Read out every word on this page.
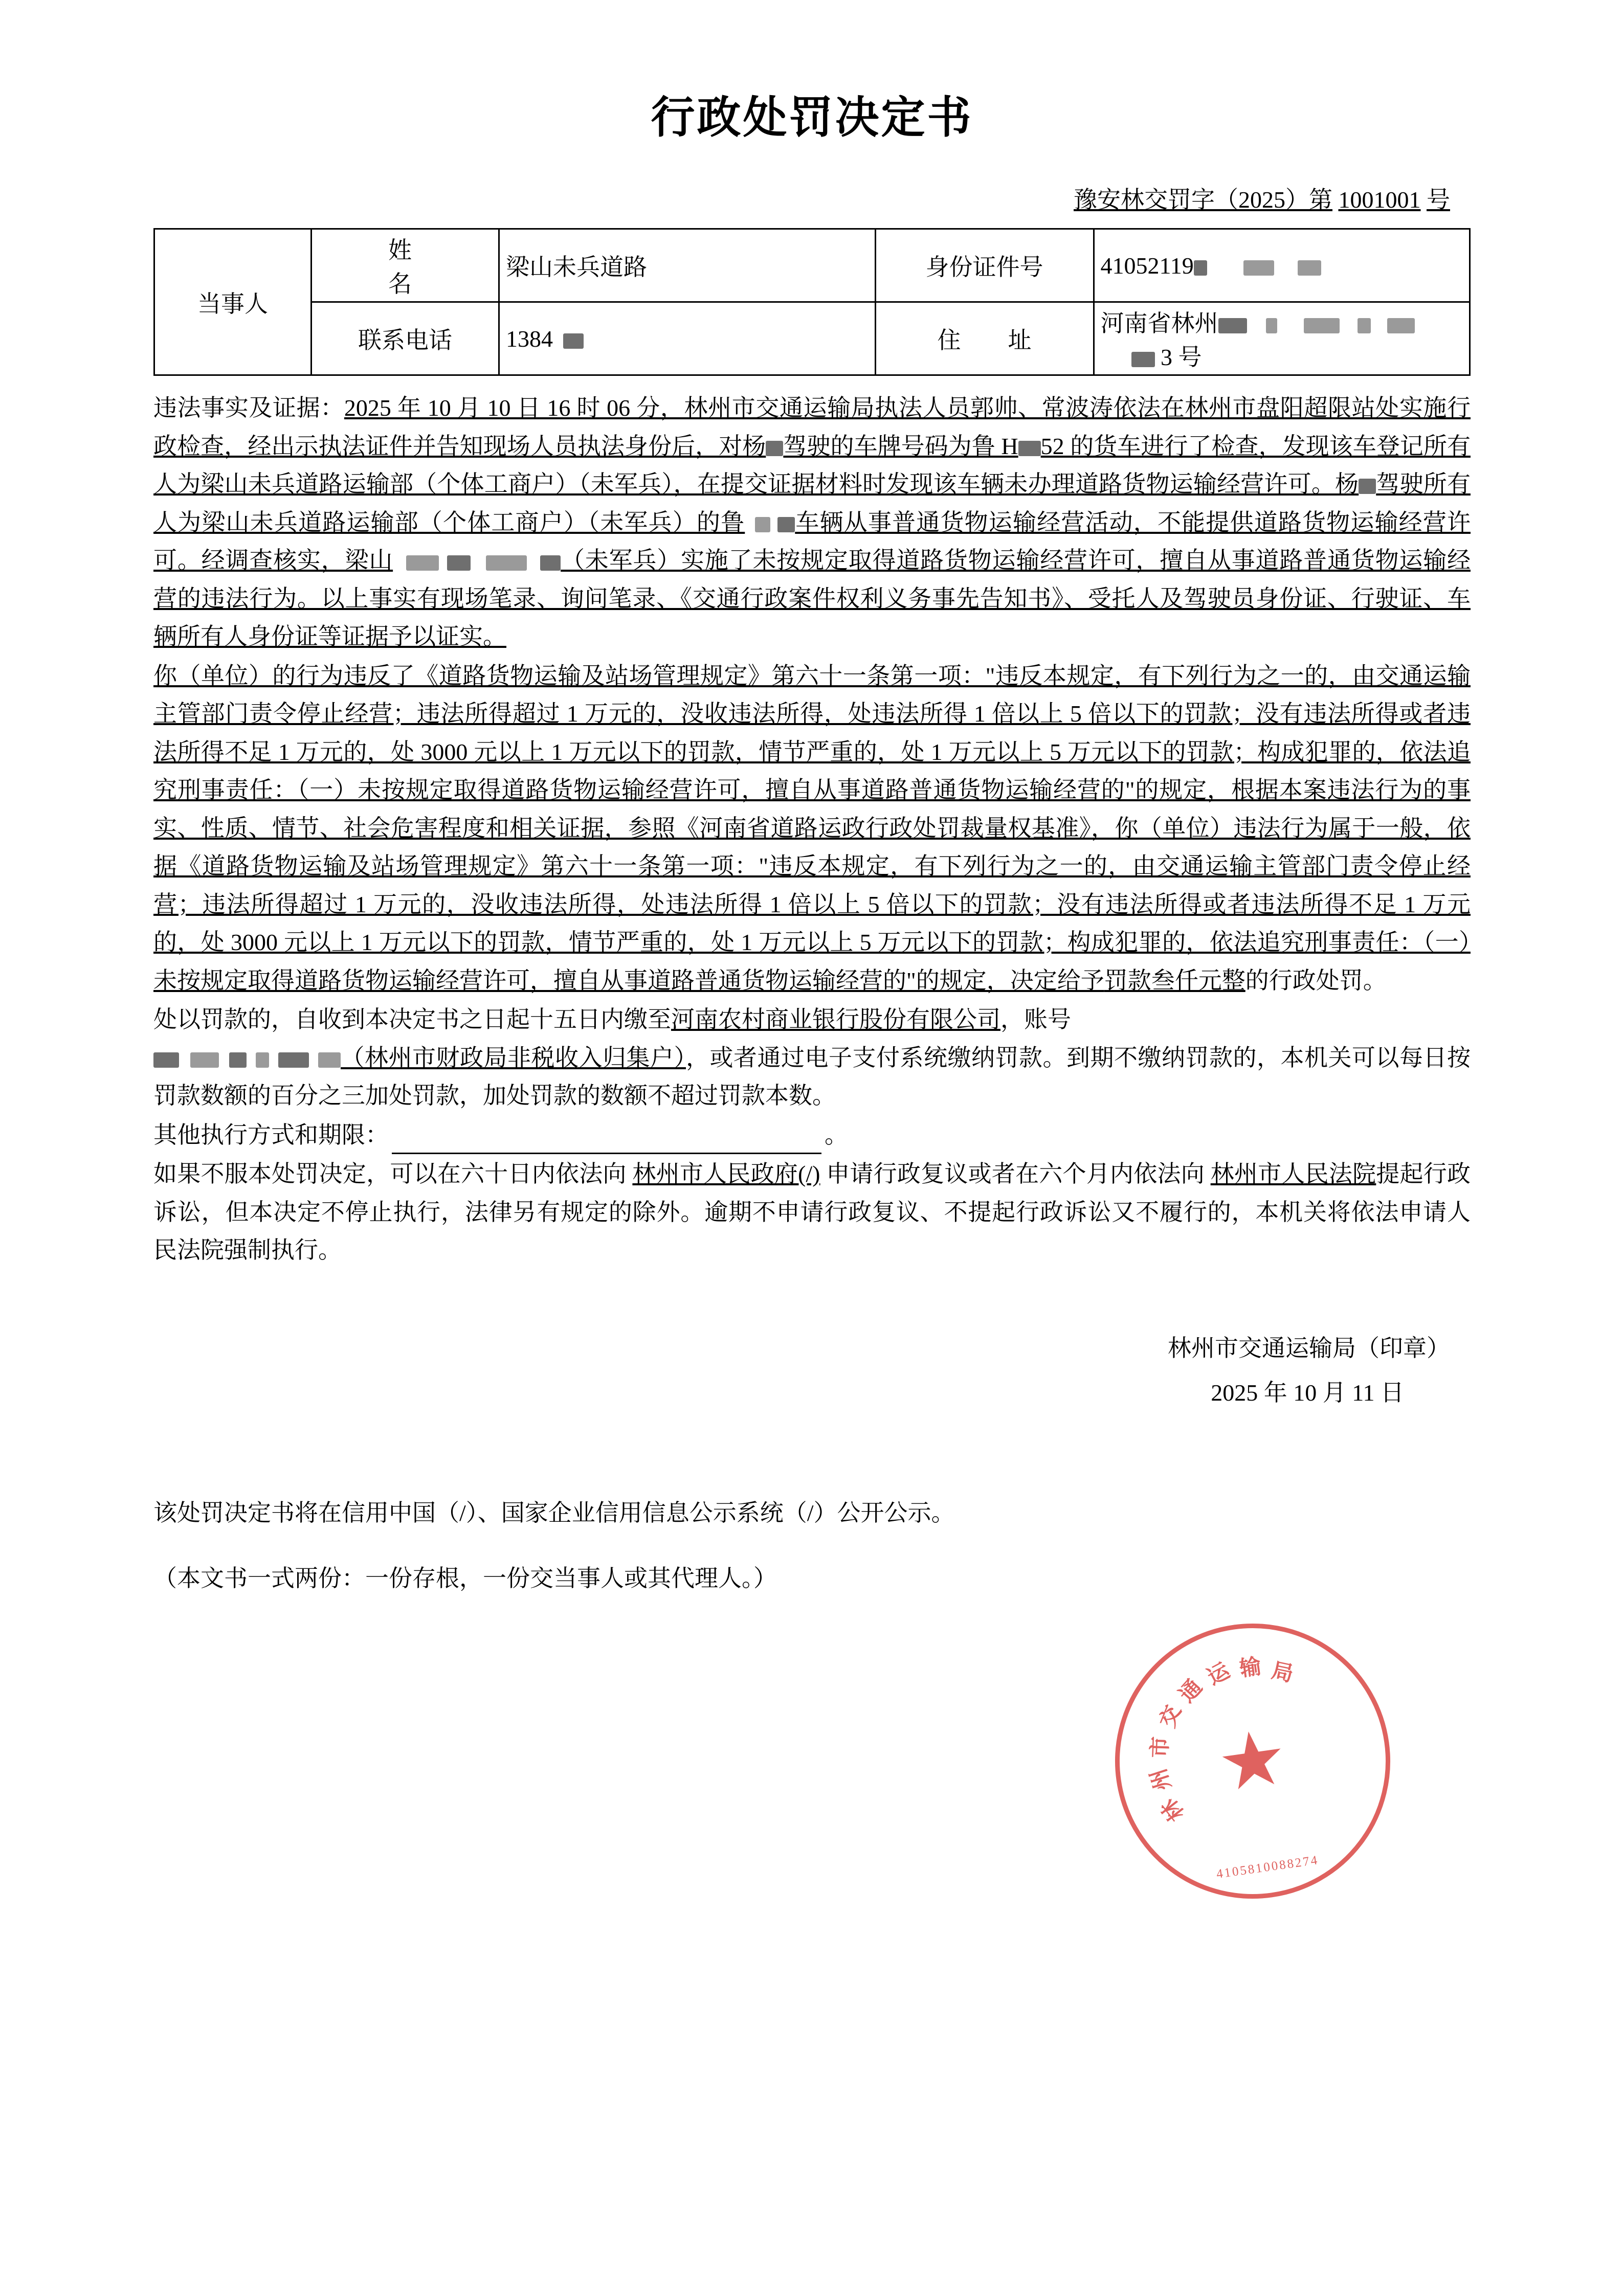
行政处罚决定书
豫安林交罚字（2025）第 1001001 号
当事人	姓　　名	梁山未兵道路	身份证件号	41052119
	联系电话	1384	住　　址	河南省林州      3 号

违法事实及证据：2025 年 10 月 10 日 16 时 06 分，林州市交通运输局执法人员郭帅、常波涛依法在林州市盘阳超限站处实施行政检查，经出示执法证件并告知现场人员执法身份后，对杨 驾驶的车牌号码为鲁 H 52 的货车进行了检查，发现该车登记所有人为梁山未兵道路运输部（个体工商户）（未军兵），在提交证据材料时发现该车辆未办理道路货物运输经营许可。杨 驾驶所有人为梁山未兵道路运输部（个体工商户）（未军兵）的鲁 车辆从事普通货物运输经营活动，不能提供道路货物运输经营许可。经调查核实，梁山	（未军兵）实施了未按规定取得道路货物运输经营许可，擅自从事道路普通货物运输经营的违法行为。以上事实有现场笔录、询问笔录、《交通行政案件权利义务事先告知书》、受托人及驾驶员身份证、行驶证、车辆所有人身份证等证据予以证实。

你（单位）的行为违反了《道路货物运输及站场管理规定》第六十一条第一项："违反本规定，有下列行为之一的，由交通运输主管部门责令停止经营；违法所得超过 1 万元的，没收违法所得，处违法所得 1 倍以上 5 倍以下的罚款；没有违法所得或者违法所得不足 1 万元的，处 3000 元以上 1 万元以下的罚款，情节严重的，处 1 万元以上 5 万元以下的罚款；构成犯罪的，依法追究刑事责任：（一）未按规定取得道路货物运输经营许可，擅自从事道路普通货物运输经营的"的规定，根据本案违法行为的事实、性质、情节、社会危害程度和相关证据，参照《河南省道路运政行政处罚裁量权基准》，你（单位）违法行为属于一般，依据《道路货物运输及站场管理规定》第六十一条第一项："违反本规定，有下列行为之一的，由交通运输主管部门责令停止经营；违法所得超过 1 万元的，没收违法所得，处违法所得 1 倍以上 5 倍以下的罚款；没有违法所得或者违法所得不足 1 万元的，处 3000 元以上 1 万元以下的罚款，情节严重的，处 1 万元以上 5 万元以下的罚款；构成犯罪的，依法追究刑事责任：（一）未按规定取得道路货物运输经营许可，擅自从事道路普通货物运输经营的"的规定，决定给予罚款叁仟元整的行政处罚。

处以罚款的，自收到本决定书之日起十五日内缴至河南农村商业银行股份有限公司，账号
（林州市财政局非税收入归集户），或者通过电子支付系统缴纳罚款。到期不缴纳罚款的，本机关可以每日按罚款数额的百分之三加处罚款，加处罚款的数额不超过罚款本数。

其他执行方式和期限：	。

如果不服本处罚决定，可以在六十日内依法向 林州市人民政府(/) 申请行政复议或者在六个月内依法向 林州市人民法院提起行政诉讼，但本决定不停止执行，法律另有规定的除外。逾期不申请行政复议、不提起行政诉讼又不履行的，本机关将依法申请人民法院强制执行。

林州市交通运输局（印章）
2025 年 10 月 11 日

该处罚决定书将在信用中国（/）、国家企业信用信息公示系统（/）公开公示。

（本文书一式两份：一份存根，一份交当事人或其代理人。）

★
林
州
市
交
通
运 输 局
4105810088274
